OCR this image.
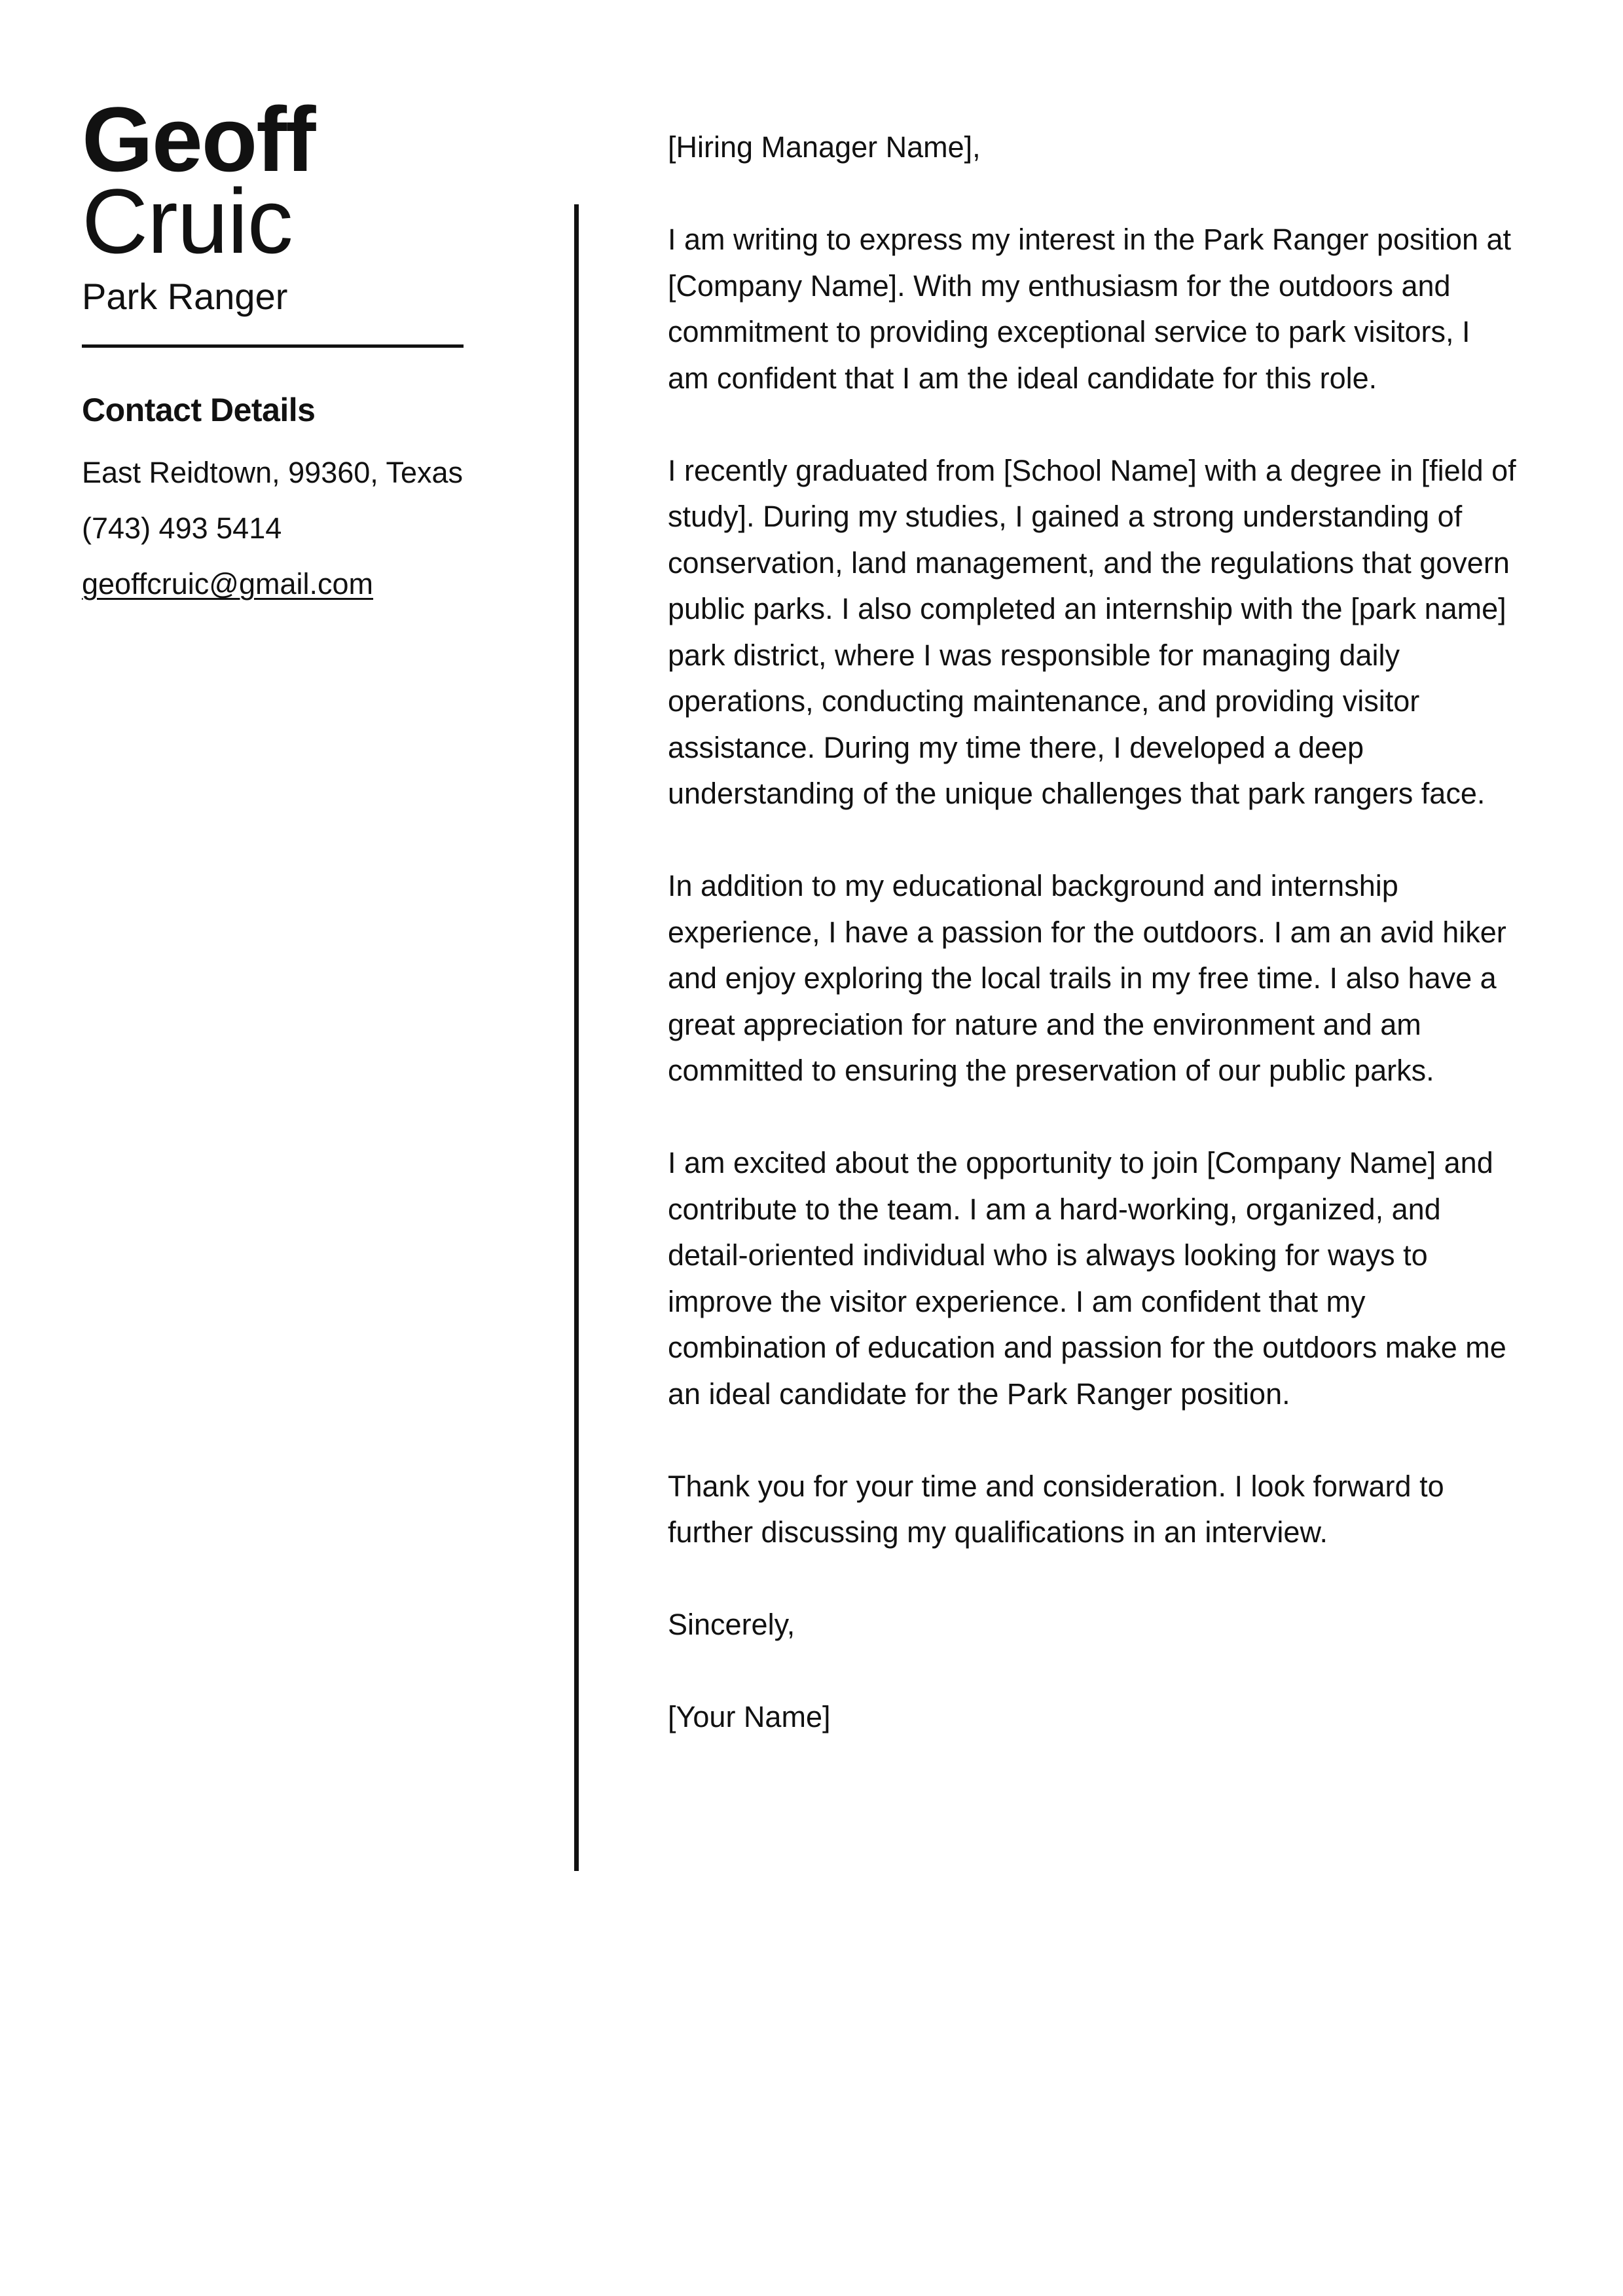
Geoff
Cruic
Park Ranger
Contact Details
East Reidtown, 99360, Texas
(743) 493 5414
geoffcruic@gmail.com

[Hiring Manager Name],

I am writing to express my interest in the Park Ranger position at [Company Name]. With my enthusiasm for the outdoors and commitment to providing exceptional service to park visitors, I am confident that I am the ideal candidate for this role.

I recently graduated from [School Name] with a degree in [field of study]. During my studies, I gained a strong understanding of conservation, land management, and the regulations that govern public parks. I also completed an internship with the [park name] park district, where I was responsible for managing daily operations, conducting maintenance, and providing visitor assistance. During my time there, I developed a deep understanding of the unique challenges that park rangers face.

In addition to my educational background and internship experience, I have a passion for the outdoors. I am an avid hiker and enjoy exploring the local trails in my free time. I also have a great appreciation for nature and the environment and am committed to ensuring the preservation of our public parks.

I am excited about the opportunity to join [Company Name] and contribute to the team. I am a hard-working, organized, and detail-oriented individual who is always looking for ways to improve the visitor experience. I am confident that my combination of education and passion for the outdoors make me an ideal candidate for the Park Ranger position.

Thank you for your time and consideration. I look forward to further discussing my qualifications in an interview.

Sincerely,

[Your Name]
